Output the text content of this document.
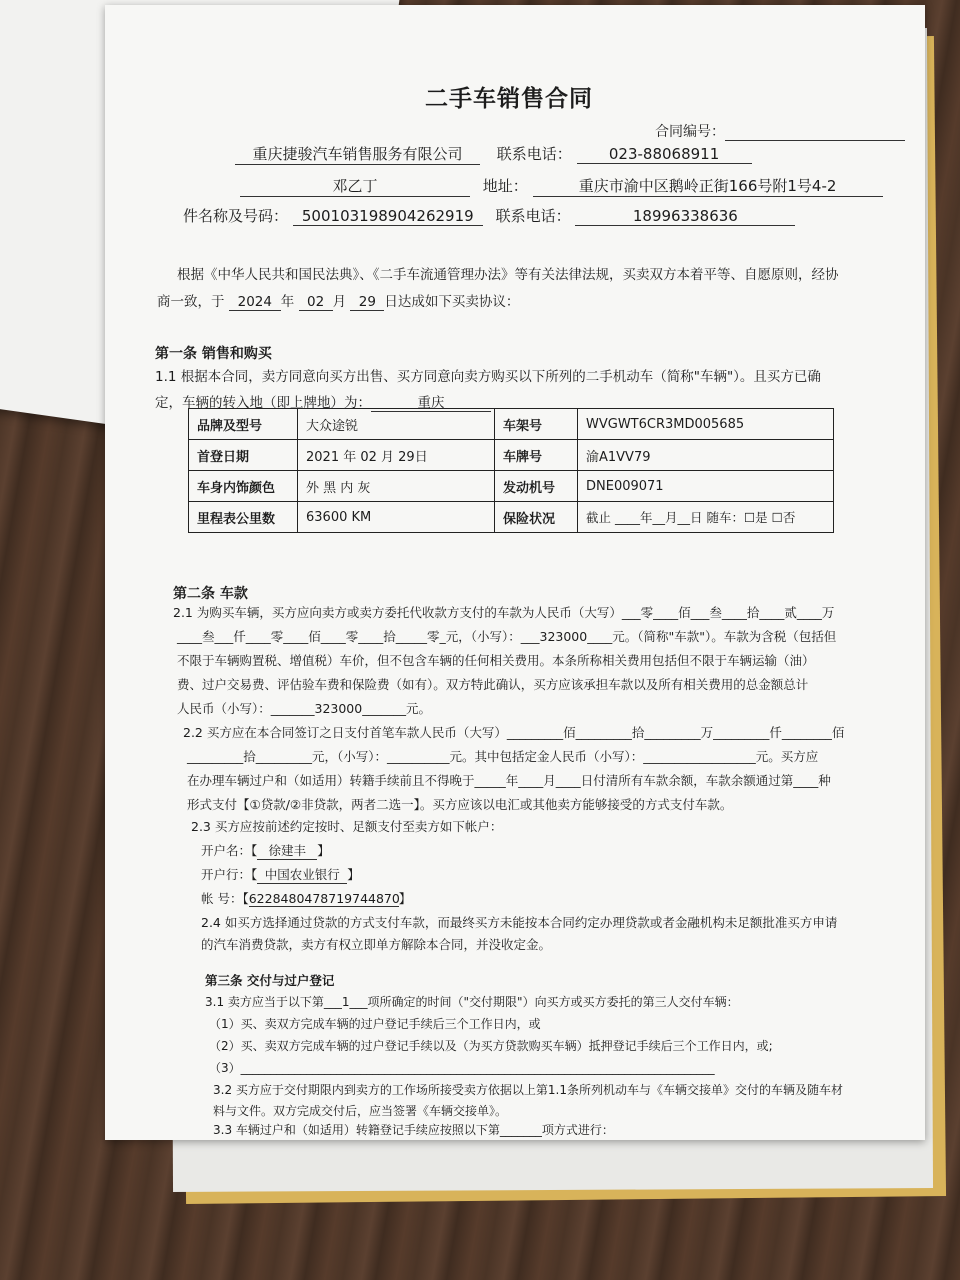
二手车销售合同
合同编号：
重庆捷骏汽车销售服务有限公司 联系电话： 023-88068911
邓乙丁	地址：	重庆市渝中区鹅岭正街166号附1号4-2
件名称及号码： 500103198904262919 联系电话：	18996338636
根据《中华人民共和国民法典》、《二手车流通管理办法》等有关法律法规，买卖双方本着平等、自愿原则，经协
商一致，于 2024 年 02 月 29 日达成如下买卖协议：
第一条 销售和购买
1.1 根据本合同，卖方同意向买方出售、买方同意向卖方购买以下所列的二手机动车（简称"车辆"）。且买方已确
定，车辆的转入地（即上牌地）为：	重庆
品牌及型号	大众途锐	车架号	WVGWT6CR3MD005685
首登日期	2021 年 02 月 29日	车牌号	渝A1VV79
车身内饰颜色	外 黑 内 灰	发动机号	DNE009071
里程表公里数	63600 KM	保险状况	截止 ____年__月__日 随车：☐是 ☐否
第二条 车款
2.1 为购买车辆，买方应向卖方或卖方委托代收款方支付的车款为人民币（大写）___零____佰___叁____拾____贰____万
____叁___仟____零____佰____零____拾_____零_元，（小写）：___323000____元。（简称"车款"）。车款为含税（包括但
不限于车辆购置税、增值税）车价，但不包含车辆的任何相关费用。本条所称相关费用包括但不限于车辆运输（油）
费、过户交易费、评估验车费和保险费（如有）。双方特此确认，买方应该承担车款以及所有相关费用的总金额总计
人民币（小写）：_______323000_______元。
2.2 买方应在本合同签订之日支付首笔车款人民币（大写）_________佰_________拾_________万_________仟________佰
_________拾_________元，（小写）：__________元。其中包括定金人民币（小写）：__________________元。买方应
在办理车辆过户和（如适用）转籍手续前且不得晚于_____年____月____日付清所有车款余额，车款余额通过第____种
形式支付【①贷款/②非贷款，两者二选一】。买方应该以电汇或其他卖方能够接受的方式支付车款。
2.3 买方应按前述约定按时、足额支付至卖方如下帐户：
开户名：【 徐建丰 】
开户行：【 中国农业银行 】
帐 号：【6228480478719744870】
2.4 如买方选择通过贷款的方式支付车款，而最终买方未能按本合同约定办理贷款或者金融机构未足额批准买方申请
的汽车消费贷款，卖方有权立即单方解除本合同，并没收定金。
第三条 交付与过户登记
3.1 卖方应当于以下第___1___项所确定的时间（"交付期限"）向买方或买方委托的第三人交付车辆：
（1）买、卖双方完成车辆的过户登记手续后三个工作日内，或
（2）买、卖双方完成车辆的过户登记手续以及（为买方贷款购买车辆）抵押登记手续后三个工作日内，或;
（3）_______________________________________________________________________________
3.2 买方应于交付期限内到卖方的工作场所接受卖方依据以上第1.1条所列机动车与《车辆交接单》交付的车辆及随车材
料与文件。双方完成交付后，应当签署《车辆交接单》。
3.3 车辆过户和（如适用）转籍登记手续应按照以下第_______项方式进行：
